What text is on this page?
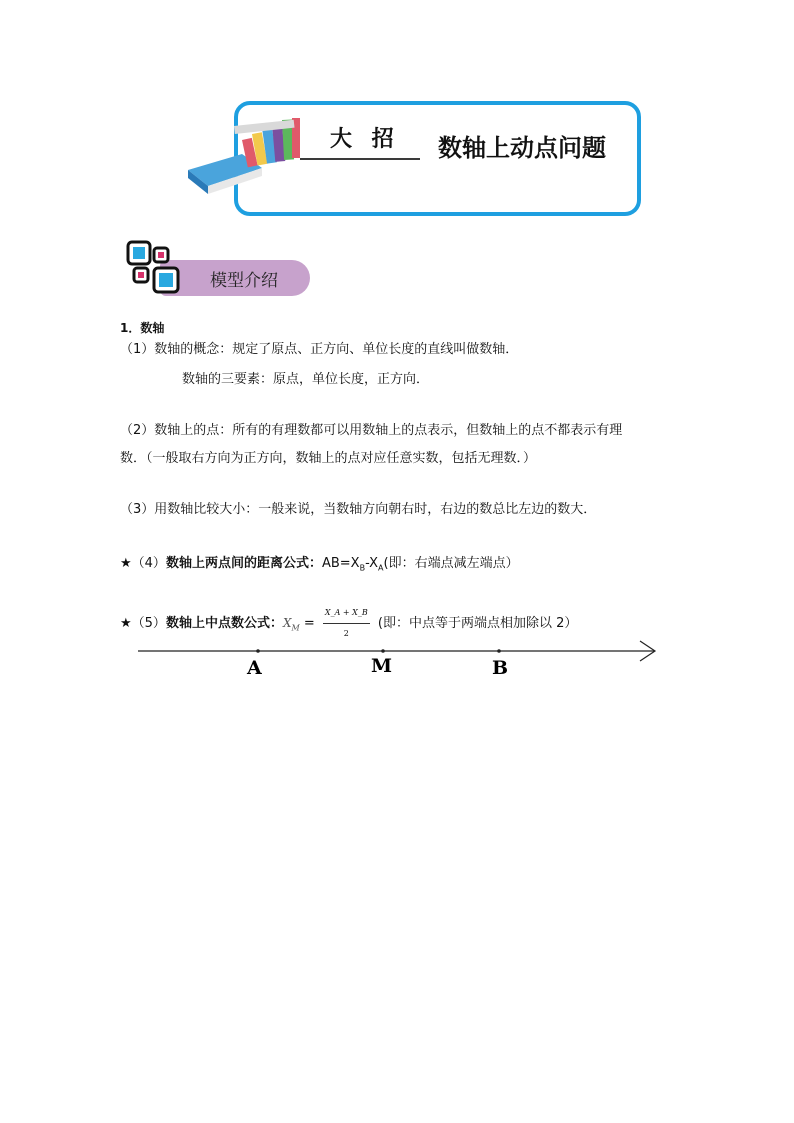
大 招 数轴上动点问题
模型介绍
1．数轴
（1）数轴的概念：规定了原点、正方向、单位长度的直线叫做数轴．
数轴的三要素：原点，单位长度，正方向．
（2）数轴上的点：所有的有理数都可以用数轴上的点表示，但数轴上的点不都表示有理
数．（一般取右方向为正方向，数轴上的点对应任意实数，包括无理数．）
（3）用数轴比较大小：一般来说，当数轴方向朝右时，右边的数总比左边的数大．
★（4）数轴上两点间的距离公式：$AB=X_B-X_A$(即：右端点减左端点）
★（5）数轴上中点数公式：$X_M = \frac{X\_A + X\_B}{2}$ (即：中点等于两端点相加除以 2）
A	M	B
